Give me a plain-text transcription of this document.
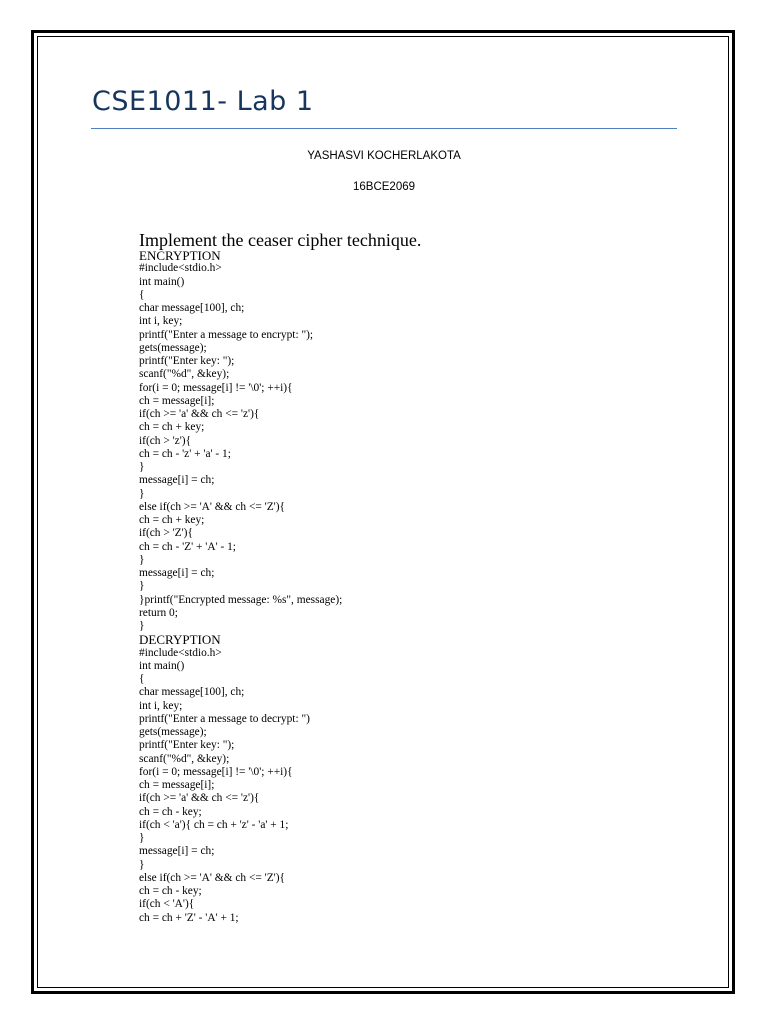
CSE1011- Lab 1
YASHASVI KOCHERLAKOTA
16BCE2069
Implement the ceaser cipher technique.
ENCRYPTION
#include<stdio.h>
int main()
{
char message[100], ch;
int i, key;
printf("Enter a message to encrypt: ");
gets(message);
printf("Enter key: ");
scanf("%d", &key);
for(i = 0; message[i] != '\0'; ++i){
ch = message[i];
if(ch >= 'a' && ch <= 'z'){
ch = ch + key;
if(ch > 'z'){
ch = ch - 'z' + 'a' - 1;
}
message[i] = ch;
}
else if(ch >= 'A' && ch <= 'Z'){
ch = ch + key;
if(ch > 'Z'){
ch = ch - 'Z' + 'A' - 1;
}
message[i] = ch;
}
}printf("Encrypted message: %s", message);
return 0;
}
DECRYPTION
#include<stdio.h>
int main()
{
char message[100], ch;
int i, key;
printf("Enter a message to decrypt: ")
gets(message);
printf("Enter key: ");
scanf("%d", &key);
for(i = 0; message[i] != '\0'; ++i){
ch = message[i];
if(ch >= 'a' && ch <= 'z'){
ch = ch - key;
if(ch < 'a'){ ch = ch + 'z' - 'a' + 1;
}
message[i] = ch;
}
else if(ch >= 'A' && ch <= 'Z'){
ch = ch - key;
if(ch < 'A'){
ch = ch + 'Z' - 'A' + 1;
